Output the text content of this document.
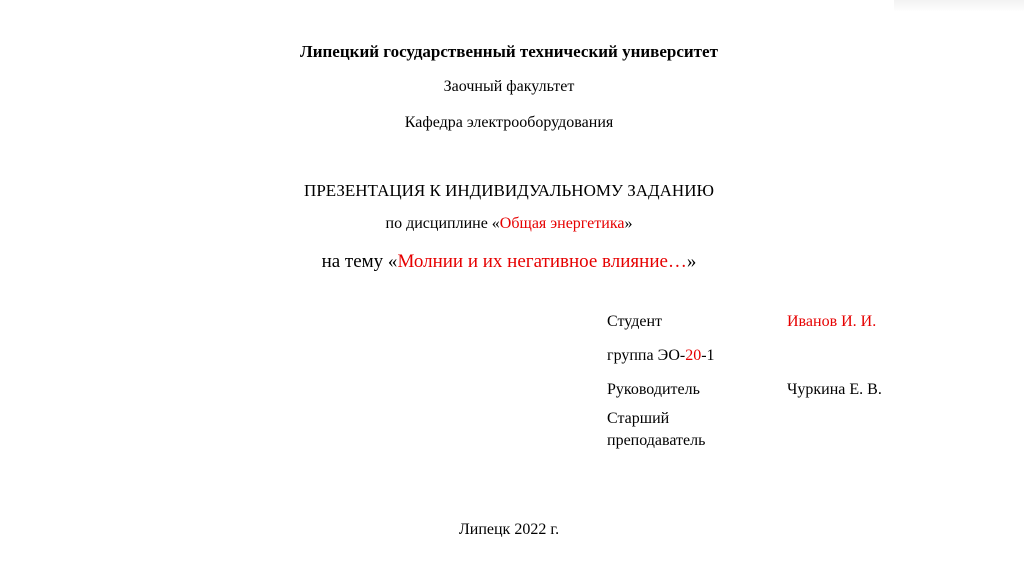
Липецкий государственный технический университет
Заочный факультет
Кафедра электрооборудования
ПРЕЗЕНТАЦИЯ К ИНДИВИДУАЛЬНОМУ ЗАДАНИЮ
по дисциплине «Общая энергетика»
на тему «Молнии и их негативное влияние…»
Студент	Иванов И. И.
группа ЭО-20-1
Руководитель	Чуркина Е. В.
Старший преподаватель
Липецк 2022 г.
